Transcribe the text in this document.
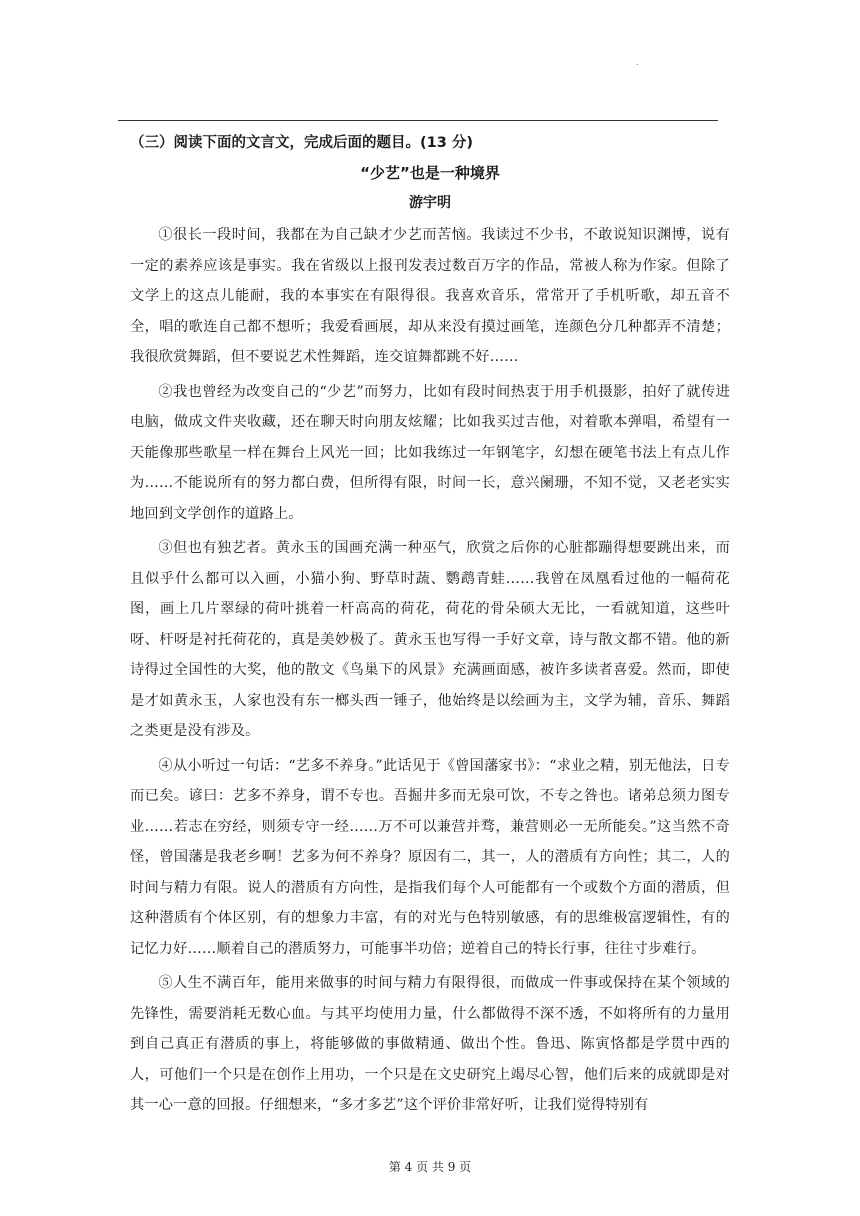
.
（三）阅读下面的文言文，完成后面的题目。(13 分)
“少艺”也是一种境界
游宇明

①很长一段时间，我都在为自己缺才少艺而苦恼。我读过不少书，不敢说知识渊博，说有一定的素养应该是事实。我在省级以上报刊发表过数百万字的作品，常被人称为作家。但除了文学上的这点儿能耐，我的本事实在有限得很。我喜欢音乐，常常开了手机听歌，却五音不全，唱的歌连自己都不想听；我爱看画展，却从来没有摸过画笔，连颜色分几种都弄不清楚；我很欣赏舞蹈，但不要说艺术性舞蹈，连交谊舞都跳不好……

②我也曾经为改变自己的“少艺”而努力，比如有段时间热衷于用手机摄影，拍好了就传进电脑，做成文件夹收藏，还在聊天时向朋友炫耀；比如我买过吉他，对着歌本弹唱，希望有一天能像那些歌星一样在舞台上风光一回；比如我练过一年钢笔字，幻想在硬笔书法上有点儿作为……不能说所有的努力都白费，但所得有限，时间一长，意兴阑珊，不知不觉，又老老实实地回到文学创作的道路上。

③但也有独艺者。黄永玉的国画充满一种巫气，欣赏之后你的心脏都蹦得想要跳出来，而且似乎什么都可以入画，小猫小狗、野草时蔬、鹦鹉青蛙……我曾在凤凰看过他的一幅荷花图，画上几片翠绿的荷叶挑着一杆高高的荷花，荷花的骨朵硕大无比，一看就知道，这些叶呀、杆呀是衬托荷花的，真是美妙极了。黄永玉也写得一手好文章，诗与散文都不错。他的新诗得过全国性的大奖，他的散文《鸟巢下的风景》充满画面感，被许多读者喜爱。然而，即使是才如黄永玉，人家也没有东一榔头西一锤子，他始终是以绘画为主，文学为辅，音乐、舞蹈之类更是没有涉及。

④从小听过一句话：“艺多不养身。”此话见于《曾国藩家书》：“求业之精，别无他法，日专而已矣。谚曰：艺多不养身，谓不专也。吾掘井多而无泉可饮，不专之咎也。诸弟总须力图专业……若志在穷经，则须专守一经……万不可以兼营并骛，兼营则必一无所能矣。”这当然不奇怪，曾国藩是我老乡啊！艺多为何不养身？原因有二，其一，人的潜质有方向性；其二，人的时间与精力有限。说人的潜质有方向性，是指我们每个人可能都有一个或数个方面的潜质，但这种潜质有个体区别，有的想象力丰富，有的对光与色特别敏感，有的思维极富逻辑性，有的记忆力好……顺着自己的潜质努力，可能事半功倍；逆着自己的特长行事，往往寸步难行。

⑤人生不满百年，能用来做事的时间与精力有限得很，而做成一件事或保持在某个领域的先锋性，需要消耗无数心血。与其平均使用力量，什么都做得不深不透，不如将所有的力量用到自己真正有潜质的事上，将能够做的事做精通、做出个性。鲁迅、陈寅恪都是学贯中西的人，可他们一个只是在创作上用功，一个只是在文史研究上竭尽心智，他们后来的成就即是对其一心一意的回报。仔细想来，“多才多艺”这个评价非常好听，让我们觉得特别有

第 4 页 共 9 页
